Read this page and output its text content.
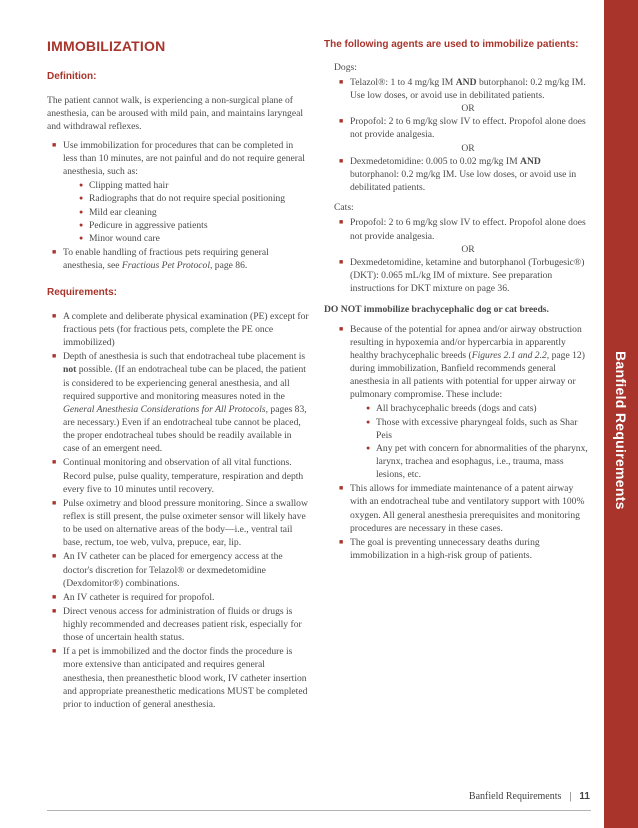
Banfield Requirements
IMMOBILIZATION
Definition:

The patient cannot walk, is experiencing a non-surgical plane of anesthesia, can be aroused with mild pain, and maintains laryngeal and withdrawal reflexes.

■ Use immobilization for procedures that can be completed in less than 10 minutes, are not painful and do not require general anesthesia, such as:
● Clipping matted hair
● Radiographs that do not require special positioning
● Mild ear cleaning
● Pedicure in aggressive patients
● Minor wound care
■ To enable handling of fractious pets requiring general anesthesia, see Fractious Pet Protocol, page 86.
Requirements:
■ A complete and deliberate physical examination (PE) except for fractious pets (for fractious pets, complete the PE once immobilized)
■ Depth of anesthesia is such that endotracheal tube placement is not possible. (If an endotracheal tube can be placed, the patient is considered to be experiencing general anesthesia, and all required supportive and monitoring measures noted in the General Anesthesia Considerations for All Protocols, pages 83, are necessary.) Even if an endotracheal tube cannot be placed, the proper endotracheal tubes should be readily available in case of an emergent need.
■ Continual monitoring and observation of all vital functions. Record pulse, pulse quality, temperature, respiration and depth every five to 10 minutes until recovery.
■ Pulse oximetry and blood pressure monitoring. Since a swallow reflex is still present, the pulse oximeter sensor will likely have to be used on alternative areas of the body—i.e., ventral tail base, rectum, toe web, vulva, prepuce, ear, lip.
■ An IV catheter can be placed for emergency access at the doctor's discretion for Telazol® or dexmedetomidine (Dexdomitor®) combinations.
■ An IV catheter is required for propofol.
■ Direct venous access for administration of fluids or drugs is highly recommended and decreases patient risk, especially for those of uncertain health status.
■ If a pet is immobilized and the doctor finds the procedure is more extensive than anticipated and requires general anesthesia, then preanesthetic blood work, IV catheter insertion and appropriate preanesthetic medications MUST be completed prior to induction of general anesthesia.
The following agents are used to immobilize patients:
Dogs:
■ Telazol®: 1 to 4 mg/kg IM AND butorphanol: 0.2 mg/kg IM. Use low doses, or avoid use in debilitated patients.
OR
■ Propofol: 2 to 6 mg/kg slow IV to effect. Propofol alone does not provide analgesia.
OR
■ Dexmedetomidine: 0.005 to 0.02 mg/kg IM AND butorphanol: 0.2 mg/kg IM. Use low doses, or avoid use in debilitated patients.
Cats:
■ Propofol: 2 to 6 mg/kg slow IV to effect. Propofol alone does not provide analgesia.
OR
■ Dexmedetomidine, ketamine and butorphanol (Torbugesic®) (DKT): 0.065 mL/kg IM of mixture. See preparation instructions for DKT mixture on page 36.
DO NOT immobilize brachycephalic dog or cat breeds.
■ Because of the potential for apnea and/or airway obstruction resulting in hypoxemia and/or hypercarbia in apparently healthy brachycephalic breeds (Figures 2.1 and 2.2, page 12) during immobilization, Banfield recommends general anesthesia in all patients with potential for upper airway or pulmonary compromise. These include:
● All brachycephalic breeds (dogs and cats)
● Those with excessive pharyngeal folds, such as Shar Peis
● Any pet with concern for abnormalities of the pharynx, larynx, trachea and esophagus, i.e., trauma, mass lesions, etc.
■ This allows for immediate maintenance of a patent airway with an endotracheal tube and ventilatory support with 100% oxygen. All general anesthesia prerequisites and monitoring procedures are necessary in these cases.
■ The goal is preventing unnecessary deaths during immobilization in a high-risk group of patients.
Banfield Requirements | 11
